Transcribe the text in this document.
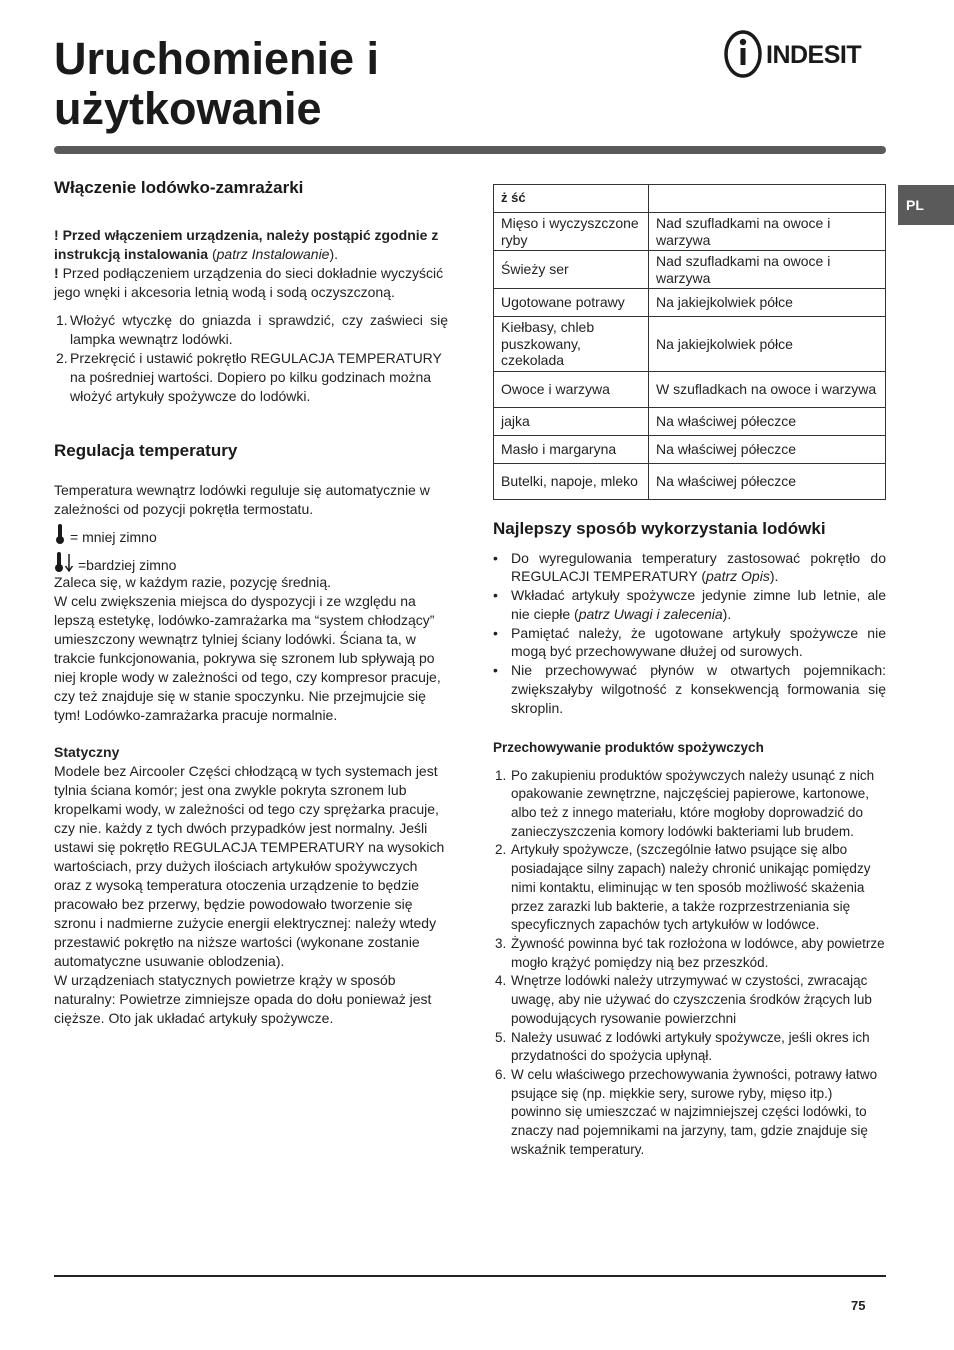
Uruchomienie i
użytkowanie
INDESIT
PL
Włączenie lodówko-zamrażarki

! Przed włączeniem urządzenia, należy postąpić zgodnie z instrukcją instalowania (patrz Instalowanie).

! Przed podłączeniem urządzenia do sieci dokładnie wyczyścić jego wnęki i akcesoria letnią wodą i sodą oczyszczoną.

1. Włożyć wtyczkę do gniazda i sprawdzić, czy zaświeci się lampka wewnątrz lodówki.
2. Przekręcić i ustawić pokrętło REGULACJA TEMPERATURY na pośredniej wartości. Dopiero po kilku godzinach można włożyć artykuły spożywcze do lodówki.
Regulacja temperatury

Temperatura wewnątrz lodówki reguluje się automatycznie w zależności od pozycji pokrętła termostatu.

= mniej zimno
=bardziej zimno

Zaleca się, w każdym razie, pozycję średnią.
W celu zwiększenia miejsca do dyspozycji i ze względu na lepszą estetykę, lodówko-zamrażarka ma “system chłodzący” umieszczony wewnątrz tylniej ściany lodówki. Ściana ta, w trakcie funkcjonowania, pokrywa się szronem lub spływają po niej krople wody w zależności od tego, czy kompresor pracuje, czy też znajduje się w stanie spoczynku. Nie przejmujcie się tym! Lodówko-zamrażarka pracuje normalnie.

Statyczny

Modele bez Aircooler Części chłodzącą w tych systemach jest tylnia ściana komór; jest ona zwykle pokryta szronem lub kropelkami wody, w zależności od tego czy sprężarka pracuje, czy nie. każdy z tych dwóch przypadków jest normalny. Jeśli ustawi się pokrętło REGULACJA TEMPERATURY na wysokich wartościach, przy dużych ilościach artykułów spożywczych oraz z wysoką temperatura otoczenia urządzenie to będzie pracowało bez przerwy, będzie powodowało tworzenie się szronu i nadmierne zużycie energii elektrycznej: należy wtedy przestawić pokrętło na niższe wartości (wykonane zostanie automatyczne usuwanie oblodzenia).
W urządzeniach statycznych powietrze krąży w sposób naturalny: Powietrze zimniejsze opada do dołu ponieważ jest cięższe. Oto jak układać artykuły spożywcze.

ż ść	
Mięso i wyczyszczone ryby	Nad szufladkami na owoce i warzywa
Świeży ser	Nad szufladkami na owoce i warzywa
Ugotowane potrawy	Na jakiejkolwiek półce
Kiełbasy, chleb puszkowany, czekolada	Na jakiejkolwiek półce
Owoce i warzywa	W szufladkach na owoce i warzywa
jajka	Na właściwej półeczce
Masło i margaryna	Na właściwej półeczce
Butelki, napoje, mleko	Na właściwej półeczce
Najlepszy sposób wykorzystania lodówki
• Do wyregulowania temperatury zastosować pokrętło do REGULACJI TEMPERATURY (patrz Opis).
• Wkładać artykuły spożywcze jedynie zimne lub letnie, ale nie ciepłe (patrz Uwagi i zalecenia).
• Pamiętać należy, że ugotowane artykuły spożywcze nie mogą być przechowywane dłużej od surowych.
• Nie przechowywać płynów w otwartych pojemnikach: zwiększałyby wilgotność z konsekwencją formowania się skroplin.

Przechowywanie produktów spożywczych

1. Po zakupieniu produktów spożywczych należy usunąć z nich opakowanie zewnętrzne, najczęściej papierowe, kartonowe, albo też z innego materiału, które mogłoby doprowadzić do zanieczyszczenia komory lodówki bakteriami lub brudem.
2. Artykuły spożywcze, (szczególnie łatwo psujące się albo posiadające silny zapach) należy chronić unikając pomiędzy nimi kontaktu, eliminując w ten sposób możliwość skażenia przez zarazki lub bakterie, a także rozprzestrzeniania się specyficznych zapachów tych artykułów w lodówce.
3. Żywność powinna być tak rozłożona w lodówce, aby powietrze mogło krążyć pomiędzy nią bez przeszkód.
4. Wnętrze lodówki należy utrzymywać w czystości, zwracając uwagę, aby nie używać do czyszczenia środków żrących lub powodujących rysowanie powierzchni
5. Należy usuwać z lodówki artykuły spożywcze, jeśli okres ich przydatności do spożycia upłynął.
6. W celu właściwego przechowywania żywności, potrawy łatwo psujące się (np. miękkie sery, surowe ryby, mięso itp.) powinno się umieszczać w najzimniejszej części lodówki, to znaczy nad pojemnikami na jarzyny, tam, gdzie znajduje się wskaźnik temperatury.
75
